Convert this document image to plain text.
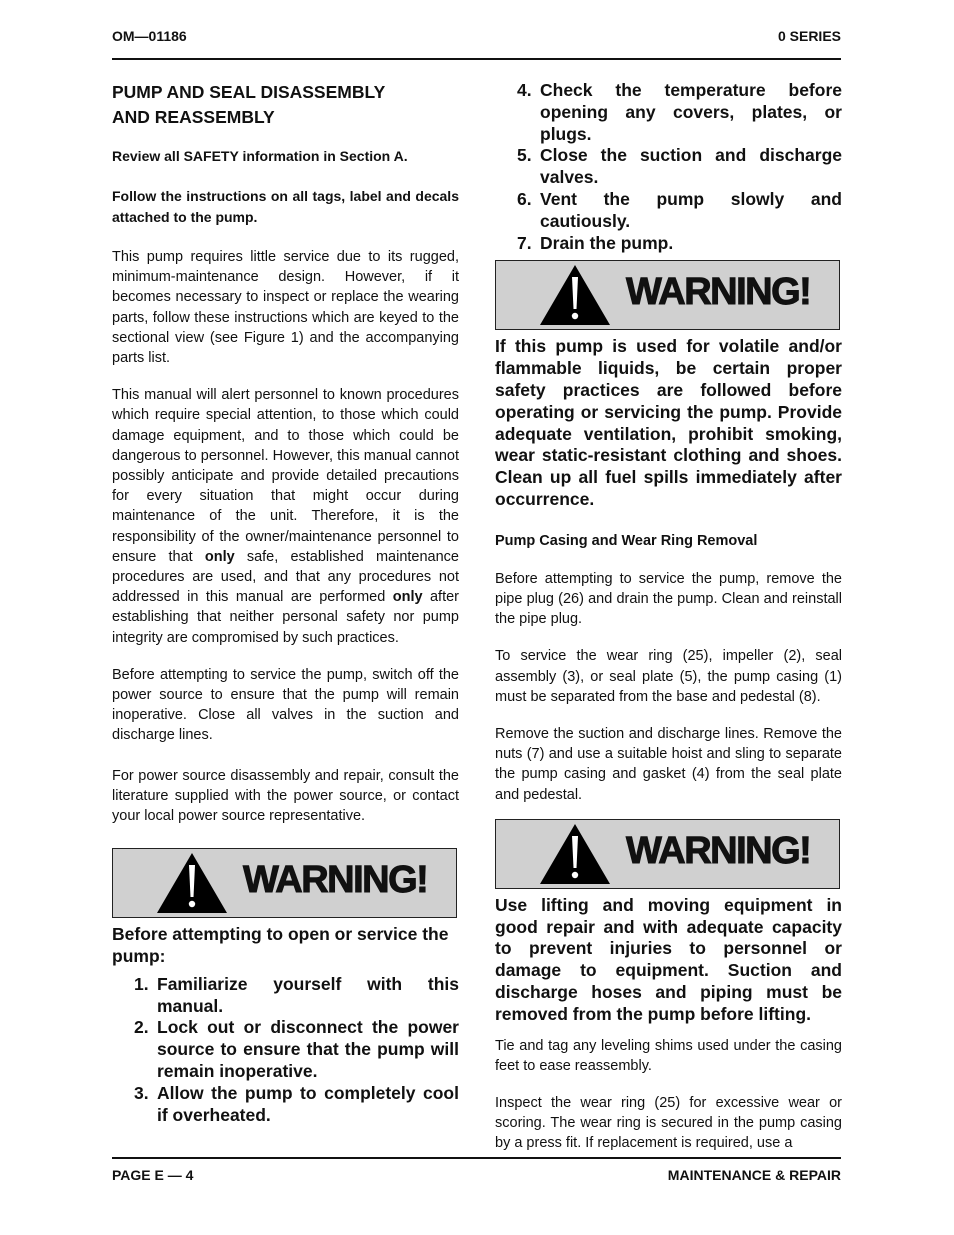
OM—01186	0 SERIES
PUMP AND SEAL DISASSEMBLY
AND REASSEMBLY
Review all SAFETY information in Section A.
Follow the instructions on all tags, label and decals attached to the pump.

This pump requires little service due to its rugged, minimum-maintenance design. However, if it becomes necessary to inspect or replace the wearing parts, follow these instructions which are keyed to the sectional view (see Figure 1) and the accompanying parts list.

This manual will alert personnel to known procedures which require special attention, to those which could damage equipment, and to those which could be dangerous to personnel. However, this manual cannot possibly anticipate and provide detailed precautions for every situation that might occur during maintenance of the unit. Therefore, it is the responsibility of the owner/maintenance personnel to ensure that only safe, established maintenance procedures are used, and that any procedures not addressed in this manual are performed only after establishing that neither personal safety nor pump integrity are compromised by such practices.

Before attempting to service the pump, switch off the power source to ensure that the pump will remain inoperative. Close all valves in the suction and discharge lines.

For power source disassembly and repair, consult the literature supplied with the power source, or contact your local power source representative.

WARNING!
Before attempting to open or service the pump:
1. Familiarize yourself with this manual.
2. Lock out or disconnect the power source to ensure that the pump will remain inoperative.
3. Allow the pump to completely cool if overheated.
4. Check the temperature before opening any covers, plates, or plugs.
5. Close the suction and discharge valves.
6. Vent the pump slowly and cautiously.
7. Drain the pump.
WARNING!
If this pump is used for volatile and/or flammable liquids, be certain proper safety practices are followed before operating or servicing the pump. Provide adequate ventilation, prohibit smoking, wear static-resistant clothing and shoes. Clean up all fuel spills immediately after occurrence.
Pump Casing and Wear Ring Removal

Before attempting to service the pump, remove the pipe plug (26) and drain the pump. Clean and reinstall the pipe plug.

To service the wear ring (25), impeller (2), seal assembly (3), or seal plate (5), the pump casing (1) must be separated from the base and pedestal (8).

Remove the suction and discharge lines. Remove the nuts (7) and use a suitable hoist and sling to separate the pump casing and gasket (4) from the seal plate and pedestal.

WARNING!
Use lifting and moving equipment in good repair and with adequate capacity to prevent injuries to personnel or damage to equipment. Suction and discharge hoses and piping must be removed from the pump before lifting.

Tie and tag any leveling shims used under the casing feet to ease reassembly.

Inspect the wear ring (25) for excessive wear or scoring. The wear ring is secured in the pump casing by a press fit. If replacement is required, use a

PAGE E — 4	MAINTENANCE & REPAIR
